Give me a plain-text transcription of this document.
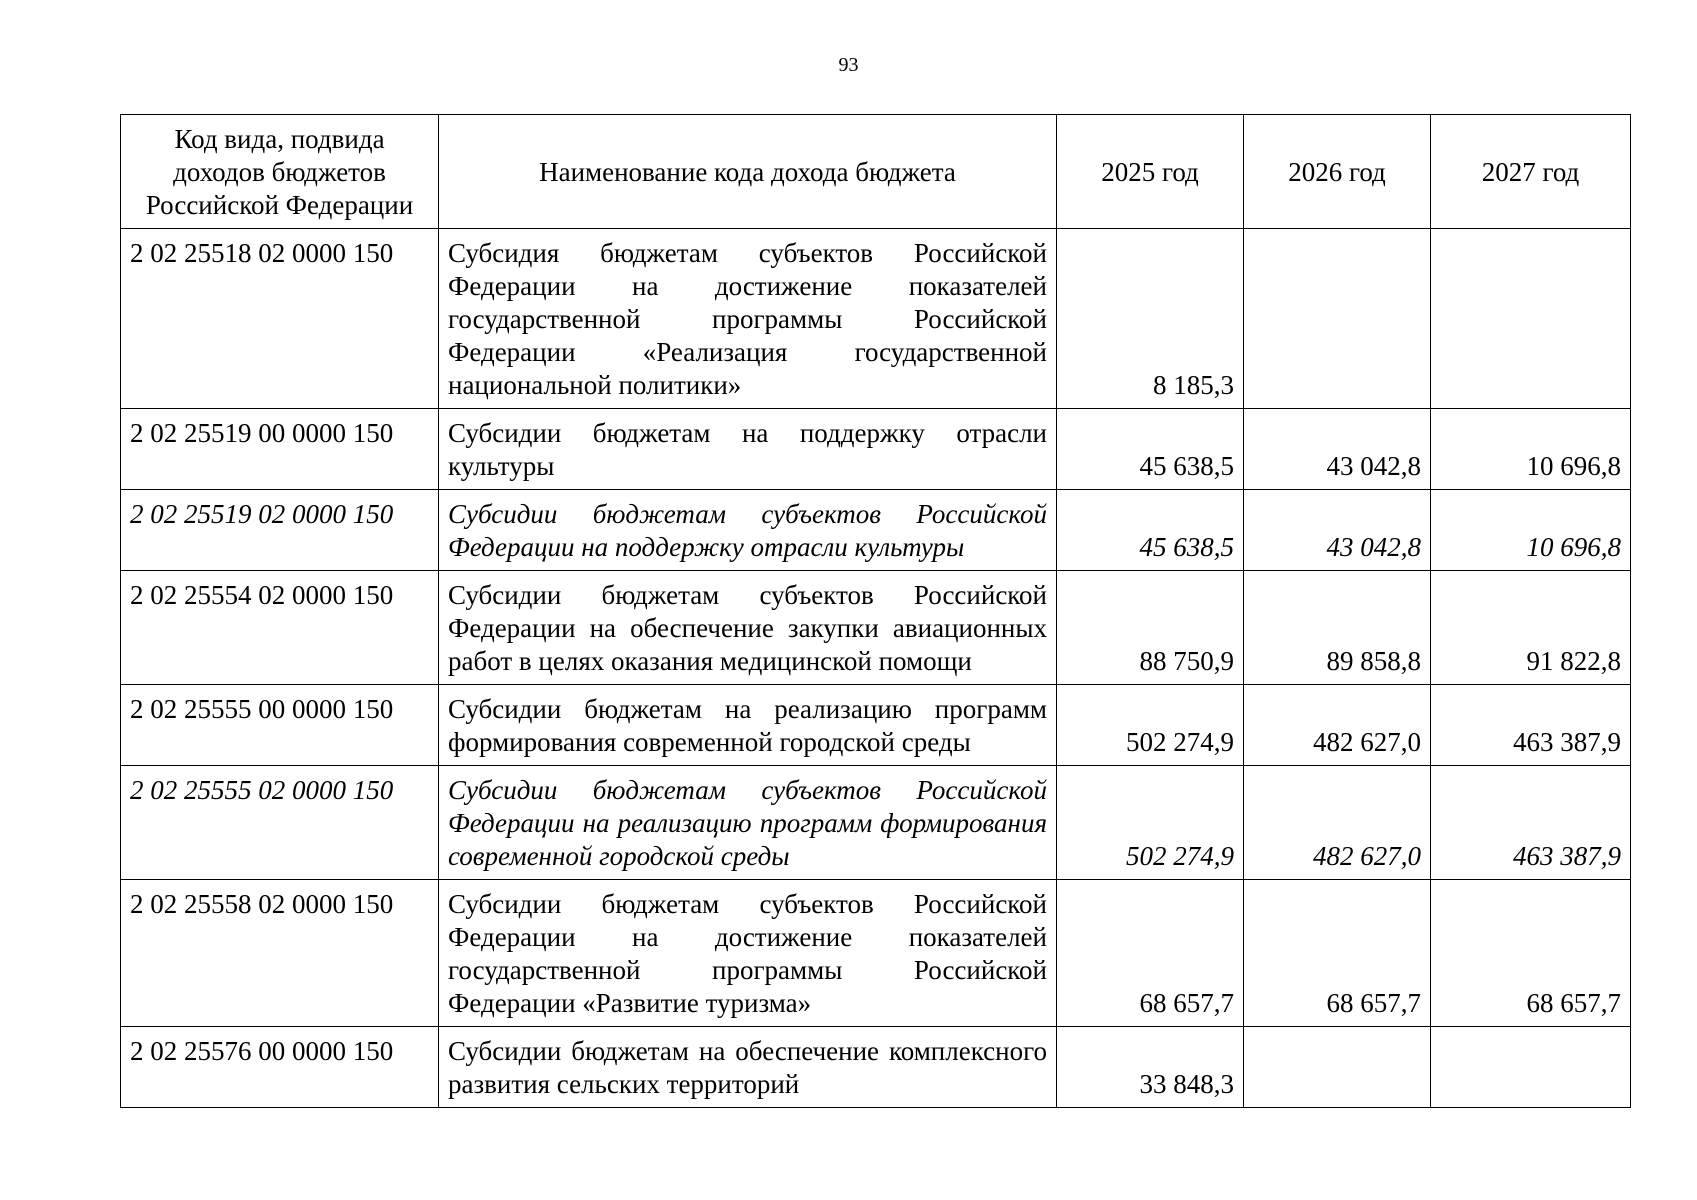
93
Код вида, подвида доходов бюджетов Российской Федерации	Наименование кода дохода бюджета	2025 год	2026 год	2027 год
2 02 25518 02 0000 150	Субсидия бюджетам субъектов Российской Федерации на достижение показателей государственной программы Российской Федерации «Реализация государственной национальной политики»	8 185,3		
2 02 25519 00 0000 150	Субсидии бюджетам на поддержку отрасли культуры	45 638,5	43 042,8	10 696,8
2 02 25519 02 0000 150	Субсидии бюджетам субъектов Российской Федерации на поддержку отрасли культуры	45 638,5	43 042,8	10 696,8
2 02 25554 02 0000 150	Субсидии бюджетам субъектов Российской Федерации на обеспечение закупки авиационных работ в целях оказания медицинской помощи	88 750,9	89 858,8	91 822,8
2 02 25555 00 0000 150	Субсидии бюджетам на реализацию программ формирования современной городской среды	502 274,9	482 627,0	463 387,9
2 02 25555 02 0000 150	Субсидии бюджетам субъектов Российской Федерации на реализацию программ формирования современной городской среды	502 274,9	482 627,0	463 387,9
2 02 25558 02 0000 150	Субсидии бюджетам субъектов Российской Федерации на достижение показателей государственной программы Российской Федерации «Развитие туризма»	68 657,7	68 657,7	68 657,7
2 02 25576 00 0000 150	Субсидии бюджетам на обеспечение комплексного развития сельских территорий	33 848,3		
